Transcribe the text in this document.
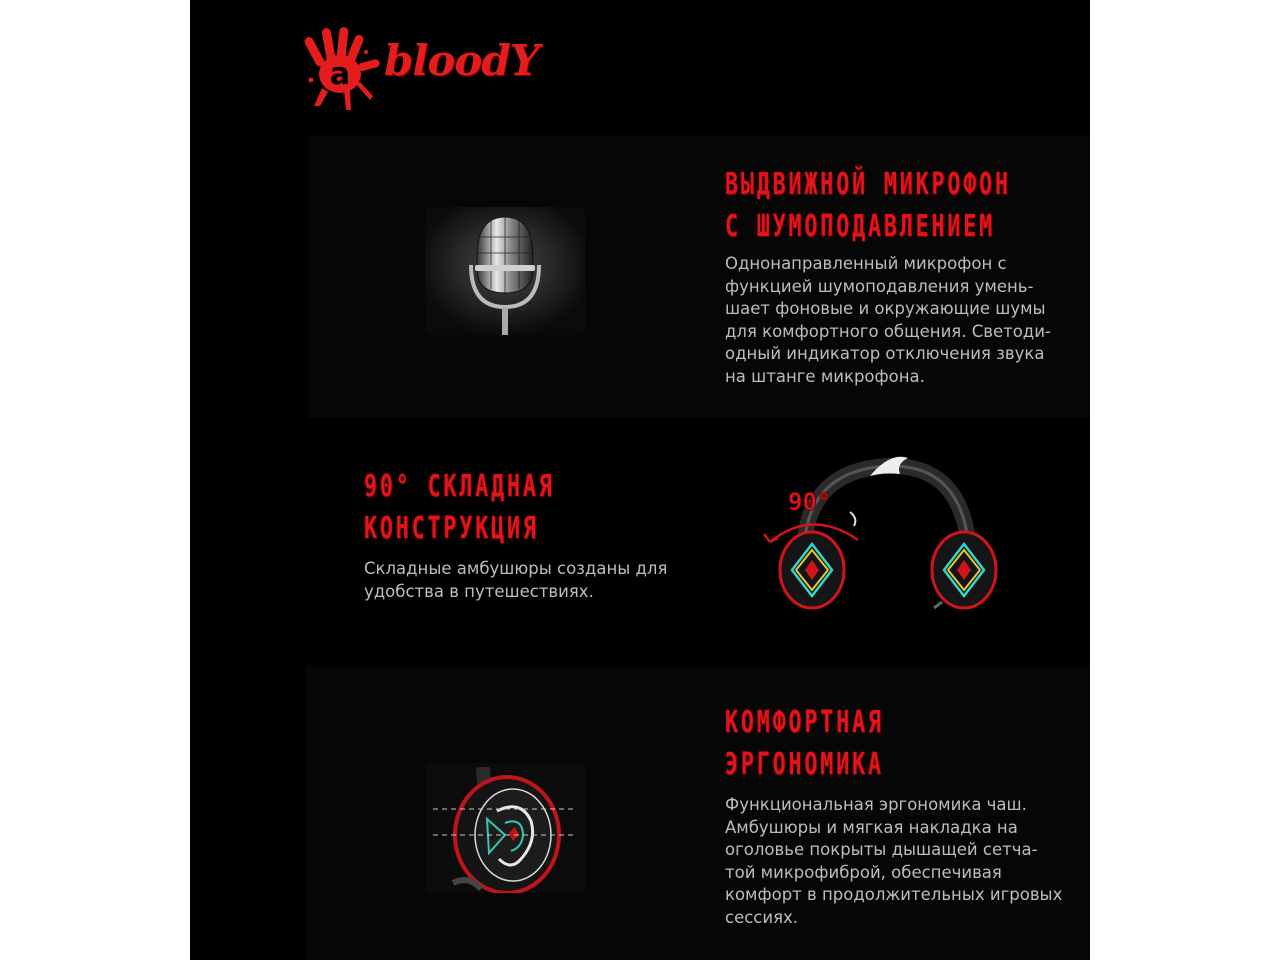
a bloodY
ВЫДВИЖНОЙ МИКРОФОН
С ШУМОПОДАВЛЕНИЕМ

Однонаправленный микрофон с
функцией шумоподавления умень-
шает фоновые и окружающие шумы
для комфортного общения. Светоди-
одный индикатор отключения звука
на штанге микрофона.

90° СКЛАДНАЯ
КОНСТРУКЦИЯ

Складные амбушюры созданы для
удобства в путешествиях.

90°
КОМФОРТНАЯ
ЭРГОНОМИКА

Функциональная эргономика чаш.
Амбушюры и мягкая накладка на
оголовье покрыты дышащей сетча-
той микрофиброй, обеспечивая
комфорт в продолжительных игровых
сессиях.
